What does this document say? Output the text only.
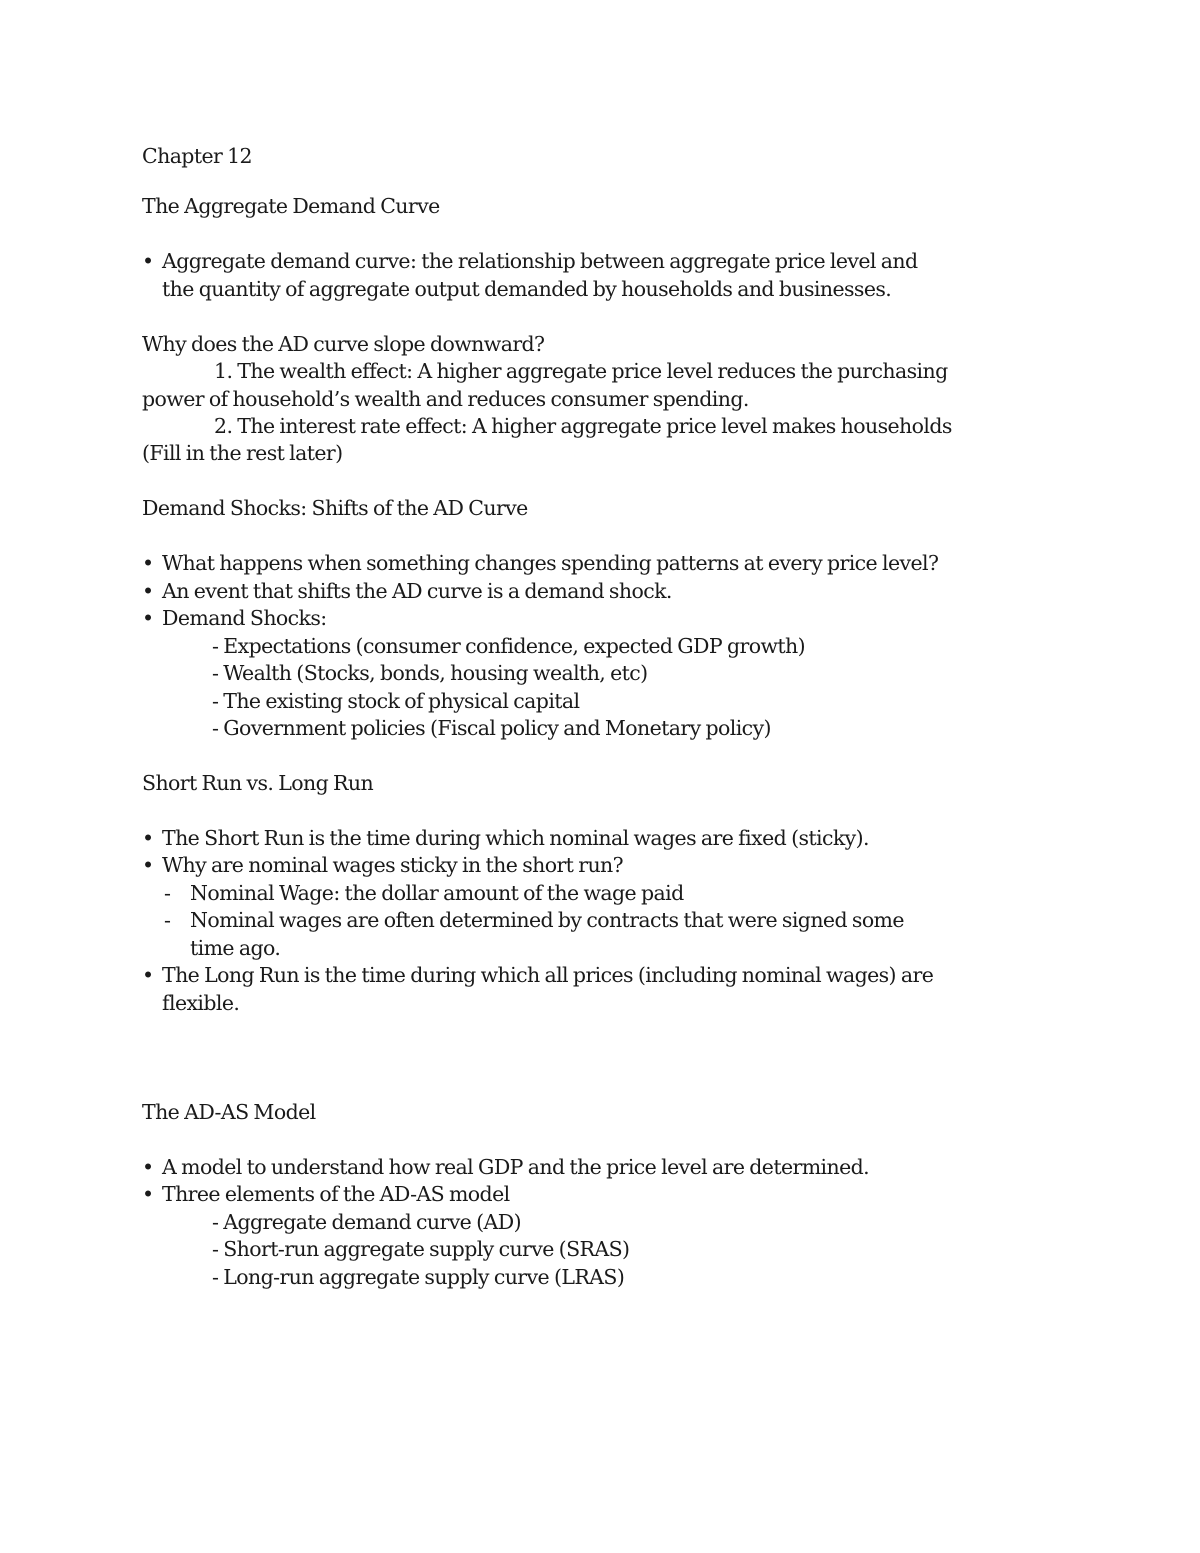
Chapter 12
The Aggregate Demand Curve
• Aggregate demand curve: the relationship between aggregate price level and
the quantity of aggregate output demanded by households and businesses.
Why does the AD curve slope downward?
1. The wealth effect: A higher aggregate price level reduces the purchasing
power of household’s wealth and reduces consumer spending.
2. The interest rate effect: A higher aggregate price level makes households
(Fill in the rest later)
Demand Shocks: Shifts of the AD Curve
• What happens when something changes spending patterns at every price level?
• An event that shifts the AD curve is a demand shock.
• Demand Shocks:
- Expectations (consumer confidence, expected GDP growth)
- Wealth (Stocks, bonds, housing wealth, etc)
- The existing stock of physical capital
- Government policies (Fiscal policy and Monetary policy)
Short Run vs. Long Run
• The Short Run is the time during which nominal wages are fixed (sticky).
• Why are nominal wages sticky in the short run?
- Nominal Wage: the dollar amount of the wage paid
- Nominal wages are often determined by contracts that were signed some
time ago.
• The Long Run is the time during which all prices (including nominal wages) are
flexible.
The AD-AS Model
• A model to understand how real GDP and the price level are determined.
• Three elements of the AD-AS model
- Aggregate demand curve (AD)
- Short-run aggregate supply curve (SRAS)
- Long-run aggregate supply curve (LRAS)
